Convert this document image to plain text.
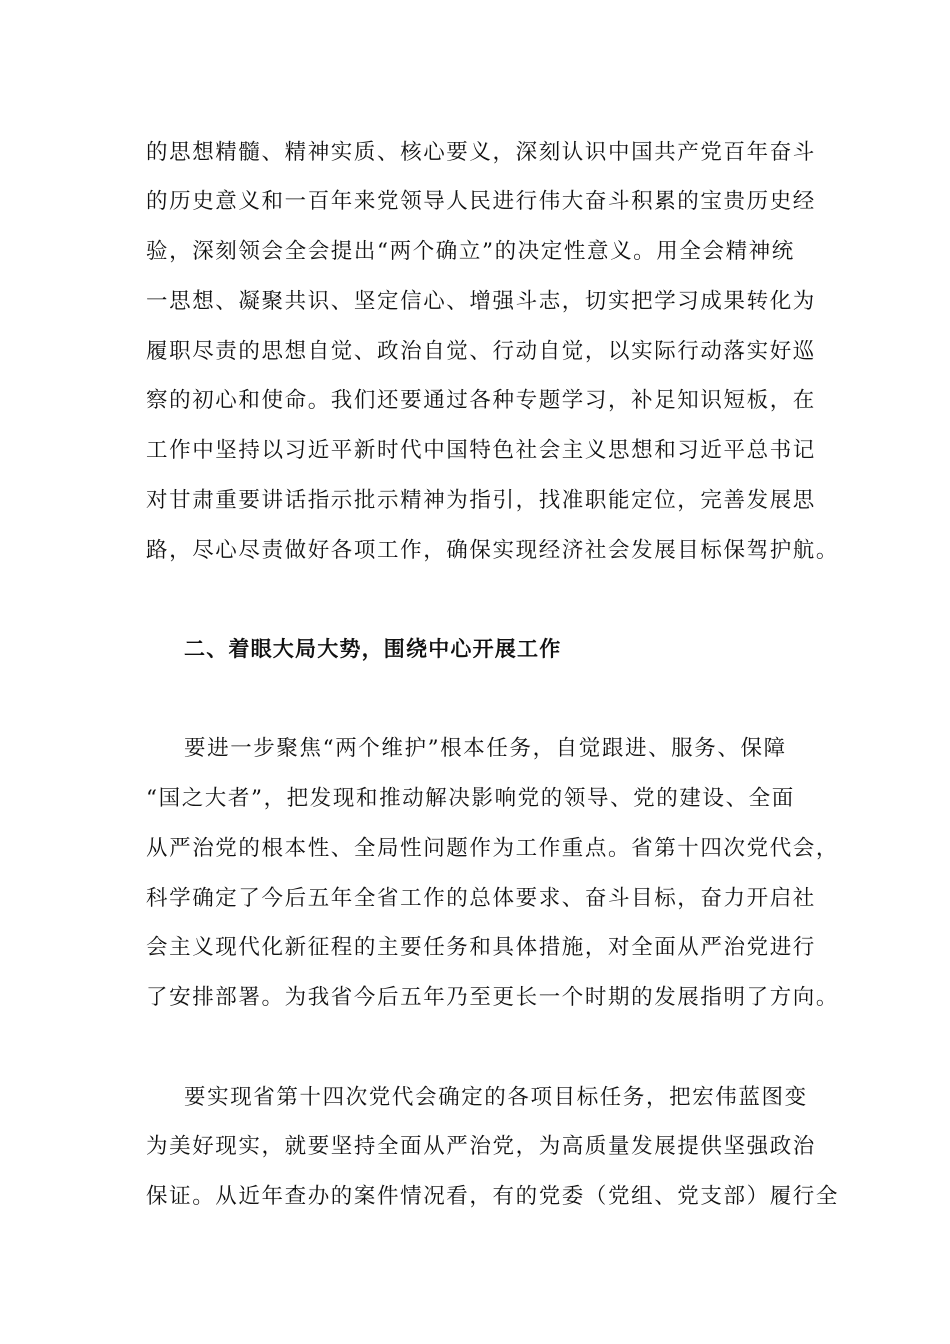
的思想精髓、精神实质、核心要义，深刻认识中国共产党百年奋斗
的历史意义和一百年来党领导人民进行伟大奋斗积累的宝贵历史经
验，深刻领会全会提出“两个确立”的决定性意义。用全会精神统
一思想、凝聚共识、坚定信心、增强斗志，切实把学习成果转化为
履职尽责的思想自觉、政治自觉、行动自觉，以实际行动落实好巡
察的初心和使命。我们还要通过各种专题学习，补足知识短板，在
工作中坚持以习近平新时代中国特色社会主义思想和习近平总书记
对甘肃重要讲话指示批示精神为指引，找准职能定位，完善发展思
路，尽心尽责做好各项工作，确保实现经济社会发展目标保驾护航。
二、着眼大局大势，围绕中心开展工作
要进一步聚焦“两个维护”根本任务，自觉跟进、服务、保障
“国之大者”，把发现和推动解决影响党的领导、党的建设、全面
从严治党的根本性、全局性问题作为工作重点。省第十四次党代会，
科学确定了今后五年全省工作的总体要求、奋斗目标，奋力开启社
会主义现代化新征程的主要任务和具体措施，对全面从严治党进行
了安排部署。为我省今后五年乃至更长一个时期的发展指明了方向。
要实现省第十四次党代会确定的各项目标任务，把宏伟蓝图变
为美好现实，就要坚持全面从严治党，为高质量发展提供坚强政治
保证。从近年查办的案件情况看，有的党委（党组、党支部）履行全
